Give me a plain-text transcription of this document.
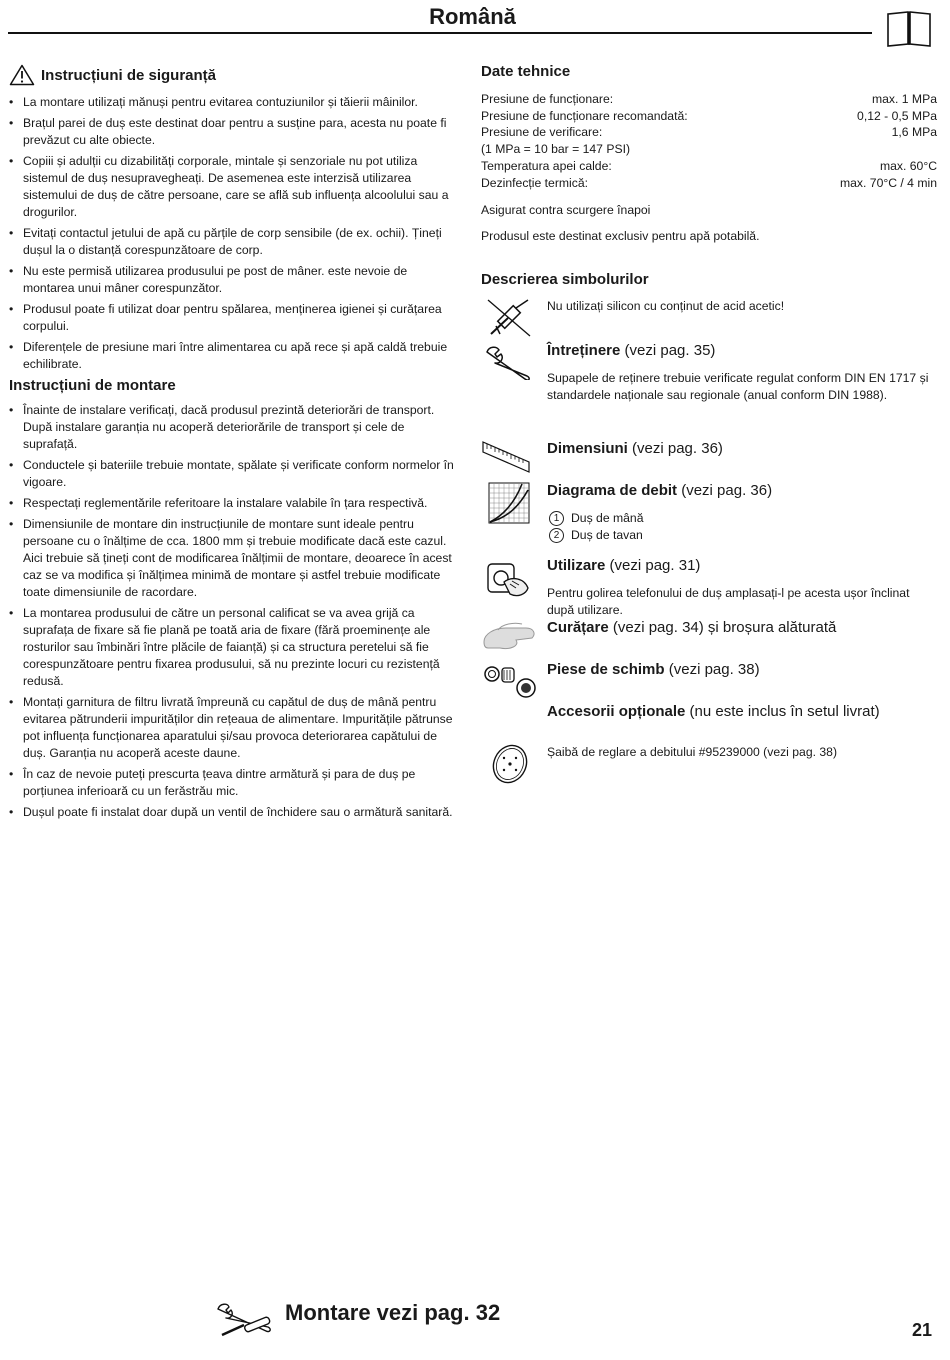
Română
Instrucțiuni de siguranță
• La montare utilizați mănuși pentru evitarea contuziunilor și tăierii mâinilor.
• Brațul parei de duș este destinat doar pentru a susține para, acesta nu poate fi prevăzut cu alte obiecte.
• Copiii și adulții cu dizabilități corporale, mintale și senzoriale nu pot utiliza sistemul de duș nesupravegheați. De asemenea este interzisă utilizarea sistemului de duș de către persoane, care se află sub influența alcoolului sau a drogurilor.
• Evitați contactul jetului de apă cu părțile de corp sensibile (de ex. ochii). Țineți dușul la o distanță corespunzătoare de corp.
• Nu este permisă utilizarea produsului pe post de mâner. este nevoie de montarea unui mâner corespunzător.
• Produsul poate fi utilizat doar pentru spălarea, menținerea igienei și curățarea corpului.
• Diferențele de presiune mari între alimentarea cu apă rece și apă caldă trebuie echilibrate.
Instrucțiuni de montare
• Înainte de instalare verificați, dacă produsul prezintă deteriorări de transport. După instalare garanția nu acoperă deteriorările de transport și cele de suprafață.
• Conductele și bateriile trebuie montate, spălate și verificate conform normelor în vigoare.
• Respectați reglementările referitoare la instalare valabile în țara respectivă.
• Dimensiunile de montare din instrucțiunile de montare sunt ideale pentru persoane cu o înălțime de cca. 1800 mm și trebuie modificate dacă este cazul. Aici trebuie să țineți cont de modificarea înălțimii de montare, deoarece în acest caz se va modifica și înălțimea minimă de montare și astfel trebuie modificate toate dimensiunile de racordare.
• La montarea produsului de către un personal calificat se va avea grijă ca suprafața de fixare să fie plană pe toată aria de fixare (fără proeminențe ale rosturilor sau îmbinări între plăcile de faianță) și ca structura peretelui să fie corespunzătoare pentru fixarea produsului, să nu prezinte locuri cu rezistență redusă.
• Montați garnitura de filtru livrată împreună cu capătul de duș de mână pentru evitarea pătrunderii impurităților din rețeaua de alimentare. Impuritățile pătrunse pot influența funcționarea aparatului și/sau provoca deteriorarea capătului de duș. Garanția nu acoperă aceste daune.
• În caz de nevoie puteți prescurta țeava dintre armătură și para de duș pe porțiunea inferioară cu un ferăstrău mic.
• Dușul poate fi instalat doar după un ventil de închidere sau o armătură sanitară.
Date tehnice
Presiune de funcționare:	max. 1 MPa
Presiune de funcționare recomandată:	0,12 - 0,5 MPa
Presiune de verificare:	1,6 MPa
(1 MPa = 10 bar = 147 PSI)
Temperatura apei calde:	max. 60°C
Dezinfecție termică:	max. 70°C / 4 min

Asigurat contra scurgere înapoi

Produsul este destinat exclusiv pentru apă potabilă.

Descrierea simbolurilor
Nu utilizați silicon cu conținut de acid acetic!
Întreținere (vezi pag. 35)
Supapele de reținere trebuie verificate regulat conform DIN EN 1717 și standardele naționale sau regionale (anual conform DIN 1988).
Dimensiuni (vezi pag. 36)
Diagrama de debit (vezi pag. 36)
1 Duș de mână
2 Duș de tavan
Utilizare (vezi pag. 31)
Pentru golirea telefonului de duș amplasați-l pe acesta ușor înclinat după utilizare.
Curățare (vezi pag. 34) și broșura alăturată
Piese de schimb (vezi pag. 38)
Accesorii opționale (nu este inclus în setul livrat)
Șaibă de reglare a debitului #95239000 (vezi pag. 38)
Montare vezi pag. 32
21
